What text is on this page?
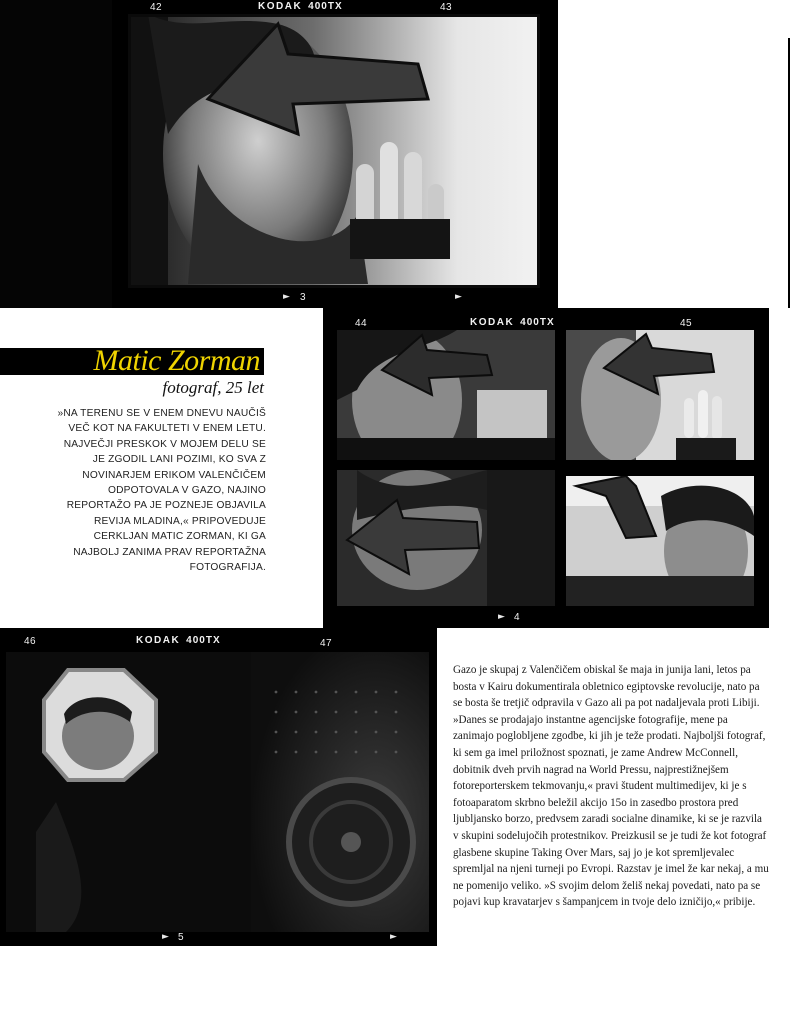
42	KODAK 400TX	43
► 3	►
Matic Zorman
fotograf, 25 let
»NA TERENU SE V ENEM DNEVU NAUČIŠ VEČ KOT NA FAKULTETI V ENEM LETU. NAJVEČJI PRESKOK V MOJEM DELU SE JE ZGODIL LANI POZIMI, KO SVA Z NOVINARJEM ERIKOM VALENČIČEM ODPOTOVALA V GAZO, NAJINO REPORTAŽO PA JE POZNEJE OBJAVILA REVIJA MLADINA,« PRIPOVEDUJE CERKLJAN MATIC ZORMAN, KI GA NAJBOLJ ZANIMA PRAV REPORTAŽNA FOTOGRAFIJA.
44	KODAK 400TX	45
► 4
46	KODAK 400TX	47
► 5	►
Gazo je skupaj z Valenčičem obiskal še maja in junija lani, letos pa bosta v Kairu dokumentirala obletnico egiptovske revolucije, nato pa se bosta še tretjič odpravila v Gazo ali pa pot nadaljevala proti Libiji. »Danes se prodajajo instantne agencijske fotografije, mene pa zanimajo poglobljene zgodbe, ki jih je teže prodati. Najboljši fotograf, ki sem ga imel priložnost spoznati, je zame Andrew McConnell, dobitnik dveh prvih nagrad na World Pressu, najprestižnejšem fotoreporterskem tekmovanju,« pravi študent multimedijev, ki je s fotoaparatom skrbno beležil akcijo 15o in zasedbo prostora pred ljubljansko borzo, predvsem zaradi socialne dinamike, ki se je razvila v skupini sodelujočih protestnikov. Preizkusil se je tudi že kot fotograf glasbene skupine Taking Over Mars, saj jo je kot spremljevalec spremljal na njeni turneji po Evropi. Razstav je imel že kar nekaj, a mu ne pomenijo veliko. »S svojim delom želiš nekaj povedati, nato pa se pojavi kup kravatarjev s šampanjcem in tvoje delo izničijo,« pribije.
